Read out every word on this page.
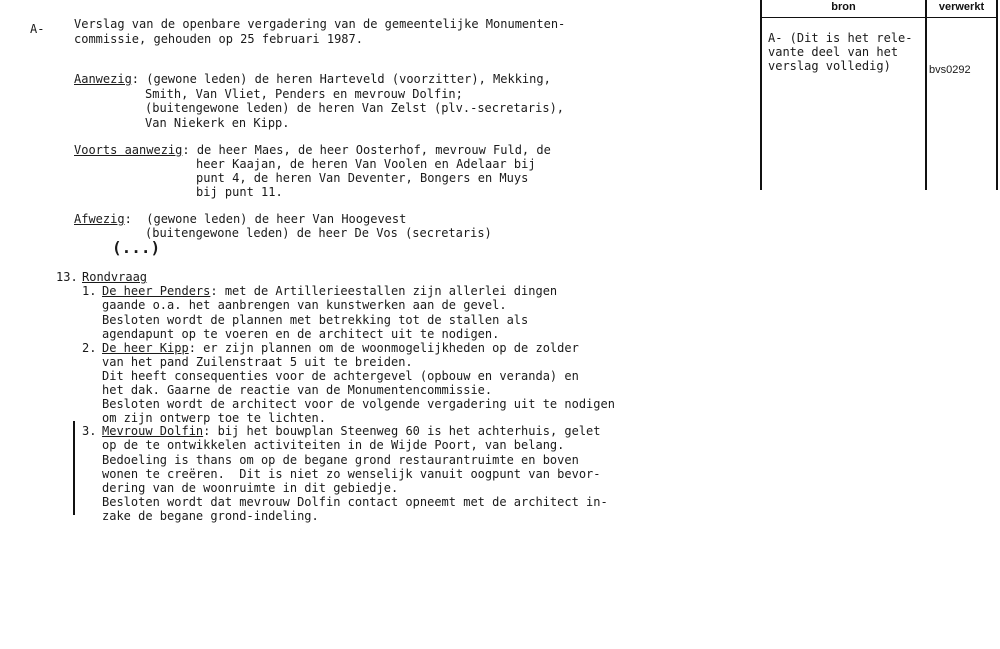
A- Verslag van de openbare vergadering van de gemeentelijke Monumenten-
commissie, gehouden op 25 februari 1987.
Aanwezig: (gewone leden) de heren Harteveld (voorzitter), Mekking,
Smith, Van Vliet, Penders en mevrouw Dolfin;
(buitengewone leden) de heren Van Zelst (plv.-secretaris),
Van Niekerk en Kipp.
Voorts aanwezig: de heer Maes, de heer Oosterhof, mevrouw Fuld, de
heer Kaajan, de heren Van Voolen en Adelaar bij
punt 4, de heren Van Deventer, Bongers en Muys
bij punt 11.
Afwezig:  (gewone leden) de heer Van Hoogevest
(buitengewone leden) de heer De Vos (secretaris)
(...)
13. Rondvraag
1. De heer Penders: met de Artillerieestallen zijn allerlei dingen
gaande o.a. het aanbrengen van kunstwerken aan de gevel.
Besloten wordt de plannen met betrekking tot de stallen als
agendapunt op te voeren en de architect uit te nodigen.
2. De heer Kipp: er zijn plannen om de woonmogelijkheden op de zolder
van het pand Zuilenstraat 5 uit te breiden.
Dit heeft consequenties voor de achtergevel (opbouw en veranda) en
het dak. Gaarne de reactie van de Monumentencommissie.
Besloten wordt de architect voor de volgende vergadering uit te nodigen
om zijn ontwerp toe te lichten.
3. Mevrouw Dolfin: bij het bouwplan Steenweg 60 is het achterhuis, gelet
op de te ontwikkelen activiteiten in de Wijde Poort, van belang.
Bedoeling is thans om op de begane grond restaurantruimte en boven
wonen te creëren.  Dit is niet zo wenselijk vanuit oogpunt van bevor-
dering van de woonruimte in dit gebiedje.
Besloten wordt dat mevrouw Dolfin contact opneemt met de architect in-
zake de begane grond-indeling.
bron	verwerkt
A- (Dit is het rele-
vante deel van het
verslag volledig)	bvs0292
